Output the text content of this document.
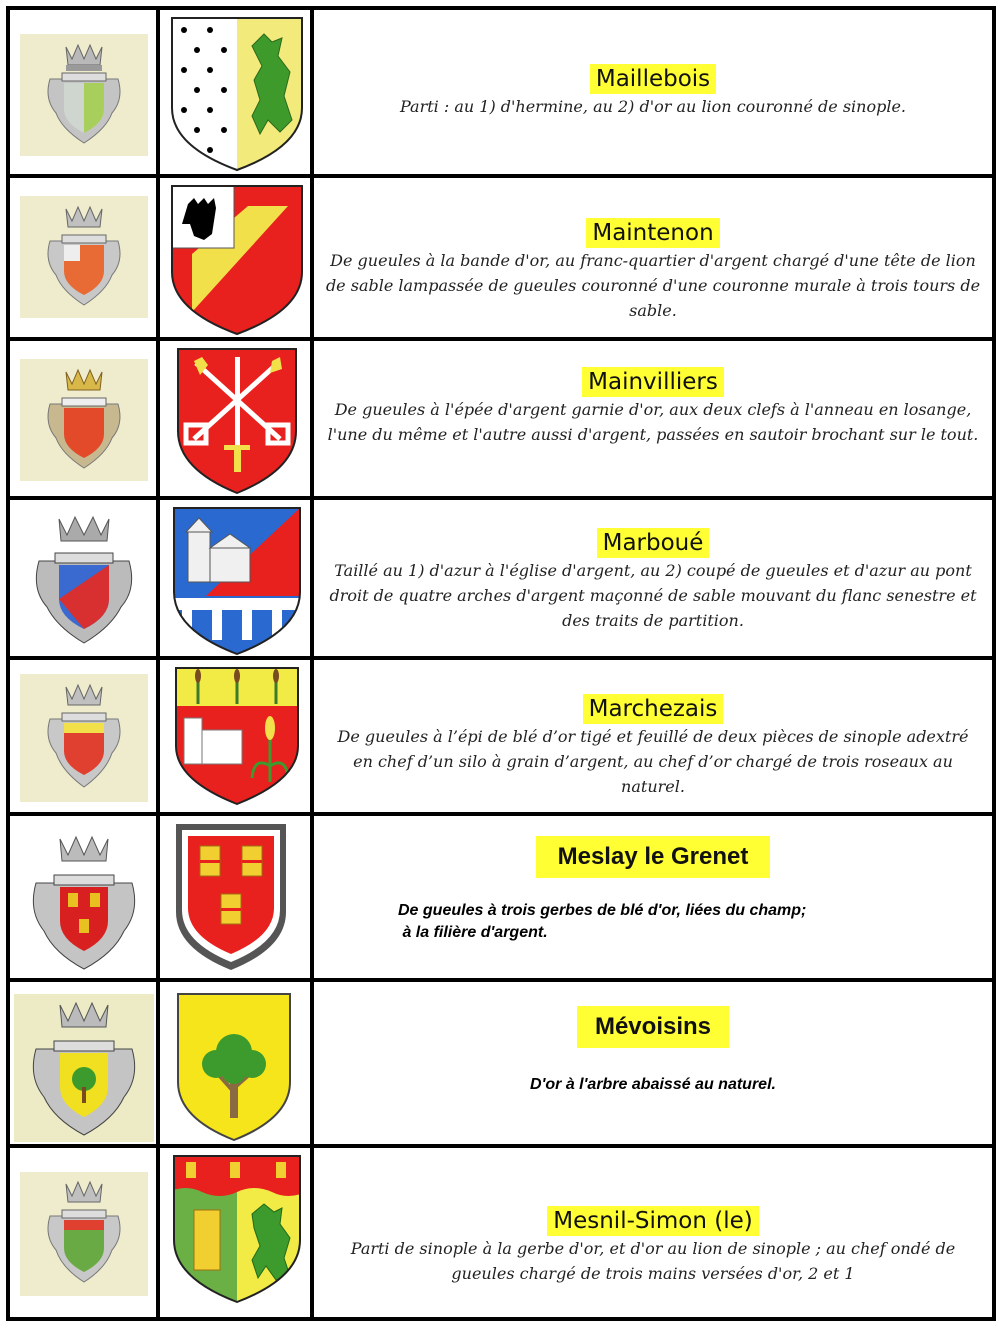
Maillebois
Parti : au 1) d'hermine, au 2) d'or au lion couronné de sinople.
Maintenon
De gueules à la bande d'or, au franc-quartier d'argent chargé d'une tête de lion de sable lampassée de gueules couronné d'une couronne murale à trois tours de sable.
Mainvilliers
De gueules à l'épée d'argent garnie d'or, aux deux clefs à l'anneau en losange, l'une du même et l'autre aussi d'argent, passées en sautoir brochant sur le tout.
Marboué
Taillé au 1) d'azur à l'église d'argent, au 2) coupé de gueules et d'azur au pont droit de quatre arches d'argent maçonné de sable mouvant du flanc senestre et des traits de partition.
Marchezais
De gueules à l’épi de blé d’or tigé et feuillé de deux pièces de sinople adextré en chef d’un silo à grain d’argent, au chef d’or chargé de trois roseaux au naturel.
Meslay le Grenet
De gueules à trois gerbes de blé d'or, liées du champ;
à la filière d'argent.
Mévoisins
D'or à l'arbre abaissé au naturel.
Mesnil-Simon (le)
Parti de sinople à la gerbe d'or, et d'or au lion de sinople ; au chef ondé de gueules chargé de trois mains versées d'or, 2 et 1
